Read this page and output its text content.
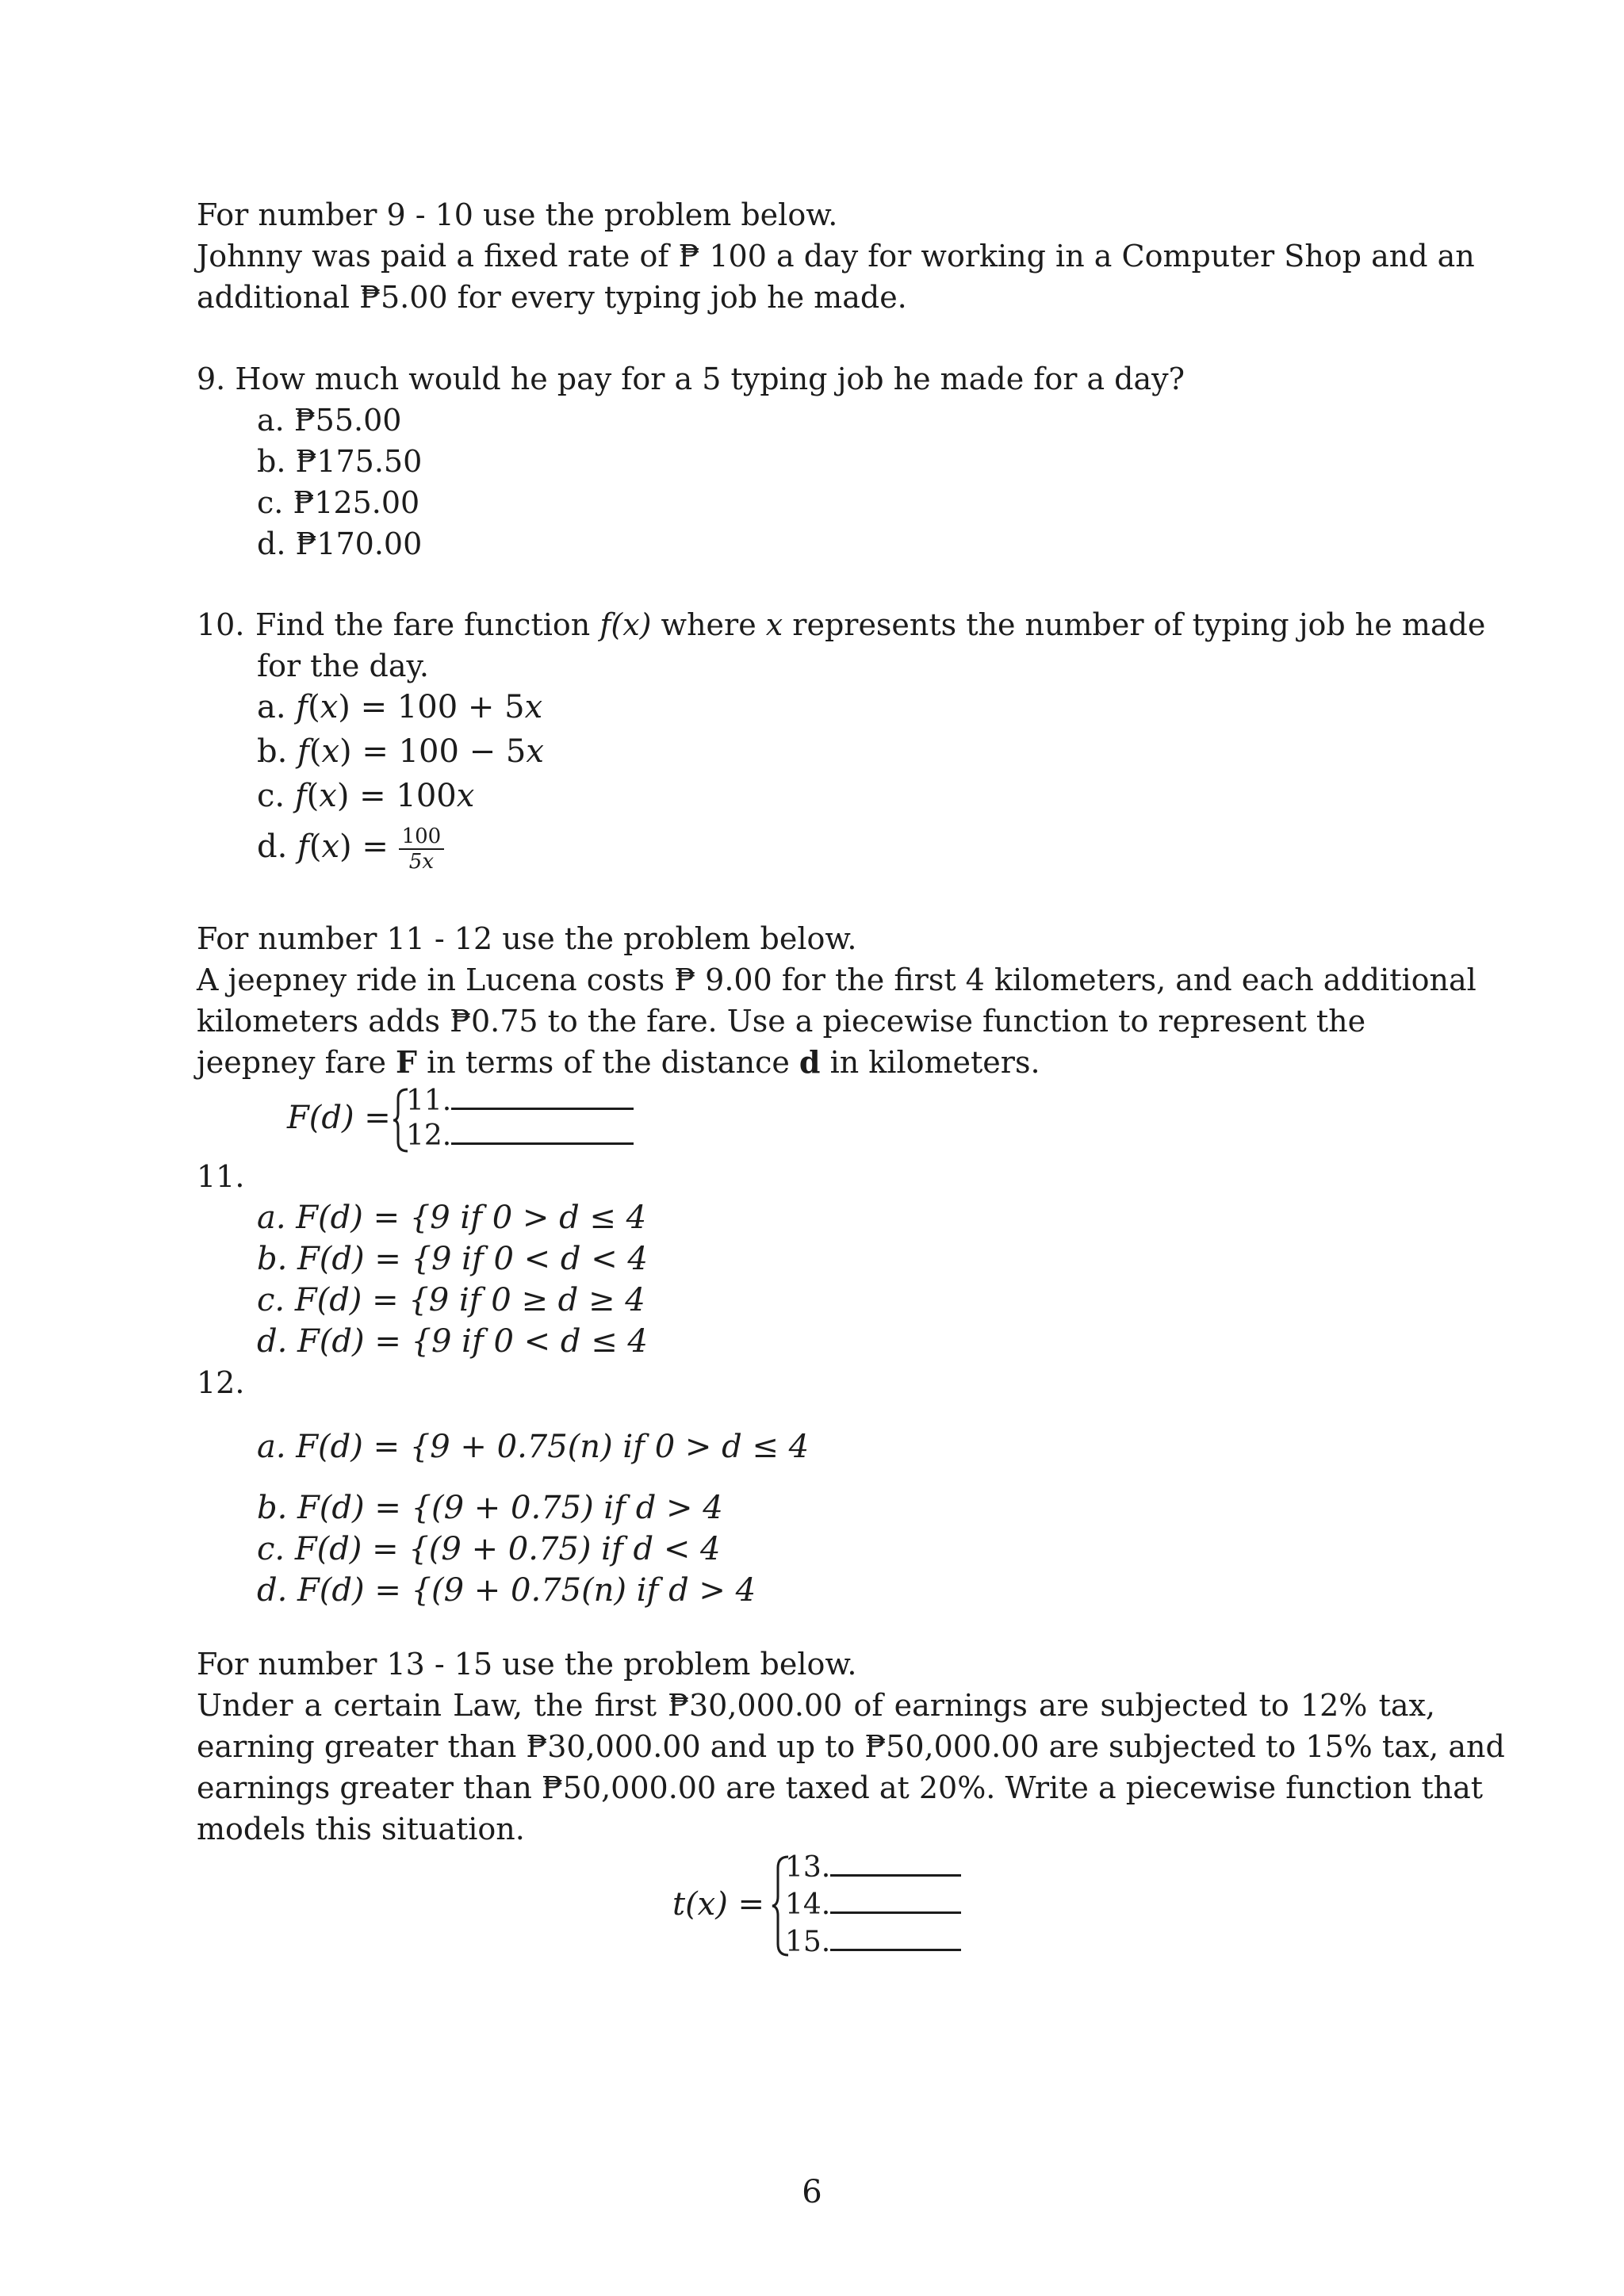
For number 9 - 10 use the problem below.
Johnny was paid a fixed rate of ₱ 100 a day for working in a Computer Shop and an
additional ₱5.00 for every typing job he made.
9. How much would he pay for a 5 typing job he made for a day?
a. ₱55.00
b. ₱175.50
c. ₱125.00
d. ₱170.00
10. Find the fare function f(x) where x represents the number of typing job he made
for the day.
a. f(x) = 100 + 5x
b. f(x) = 100 − 5x
c. f(x) = 100x
d. $f(x) = \frac{100}{5x}$
For number 11 - 12 use the problem below.
A jeepney ride in Lucena costs ₱ 9.00 for the first 4 kilometers, and each additional
kilometers adds ₱0.75 to the fare. Use a piecewise function to represent the
jeepney fare F in terms of the distance d in kilometers.
F(d) = 11.
12.
11.
a. F(d) = {9 if 0 > d ≤ 4
b. F(d) = {9 if 0 < d < 4
c. F(d) = {9 if 0 ≥ d ≥ 4
d. F(d) = {9 if 0 < d ≤ 4
12.
a. F(d) = {9 + 0.75(n) if 0 > d ≤ 4
b. F(d) = {(9 + 0.75) if d > 4
c. F(d) = {(9 + 0.75) if d < 4
d. F(d) = {(9 + 0.75(n) if d > 4
For number 13 - 15 use the problem below.
Under a certain Law, the first ₱30,000.00 of earnings are subjected to 12% tax,
earning greater than ₱30,000.00 and up to ₱50,000.00 are subjected to 15% tax, and
earnings greater than ₱50,000.00 are taxed at 20%. Write a piecewise function that
models this situation.
t(x) =
13.
14.
15.
6
